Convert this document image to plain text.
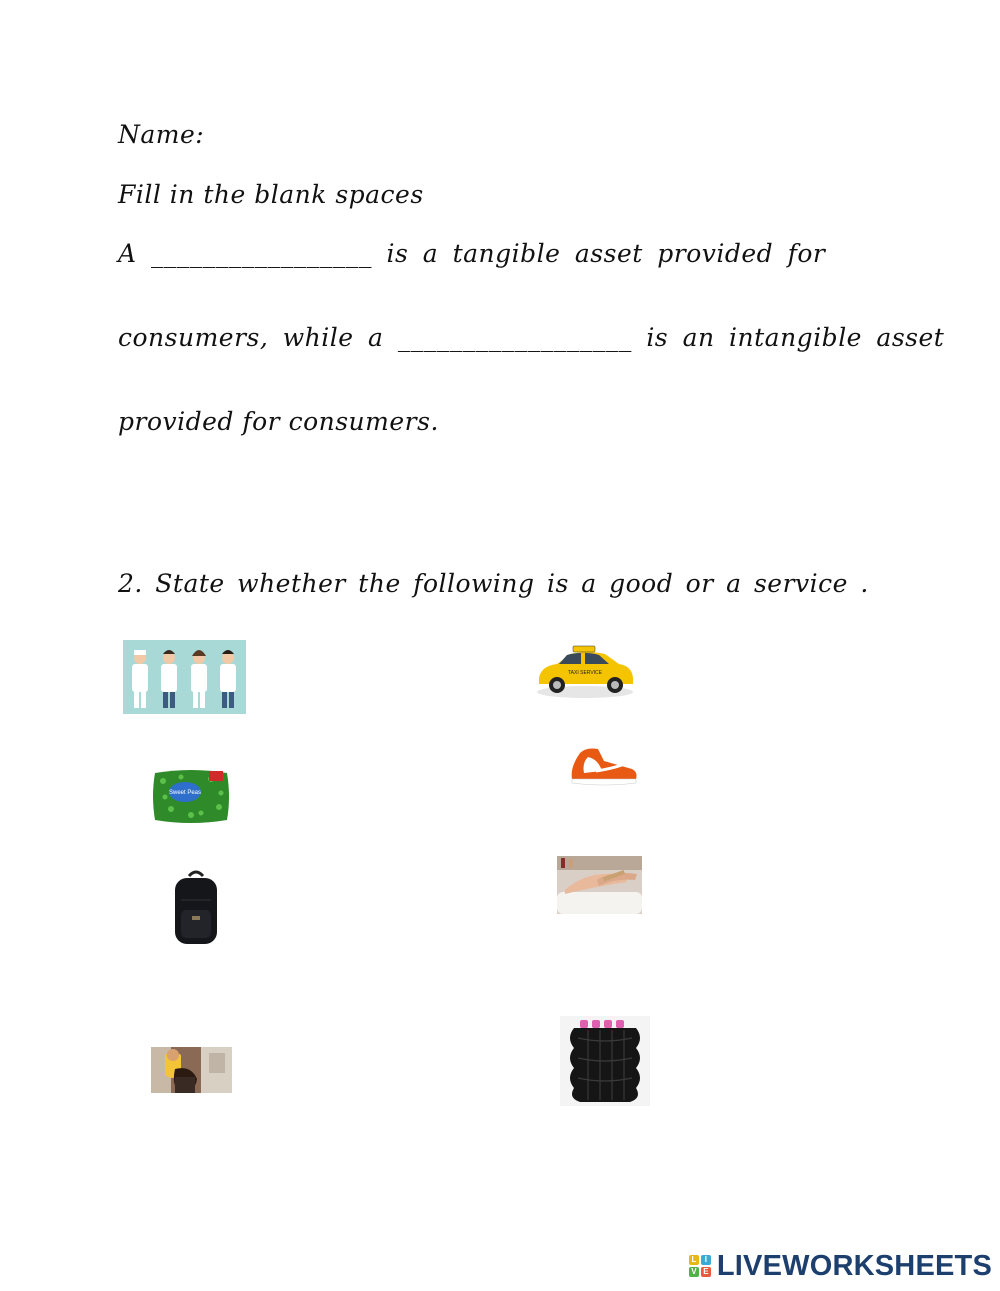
Name:
Fill in the blank spaces
A _________________ is a tangible asset provided for
consumers, while a __________________ is an intangible asset
provided for consumers.
2. State whether the following is a good or a service .
TAXI SERVICE
Sweet Peas
L	I
V E LIVEWORKSHEETS
